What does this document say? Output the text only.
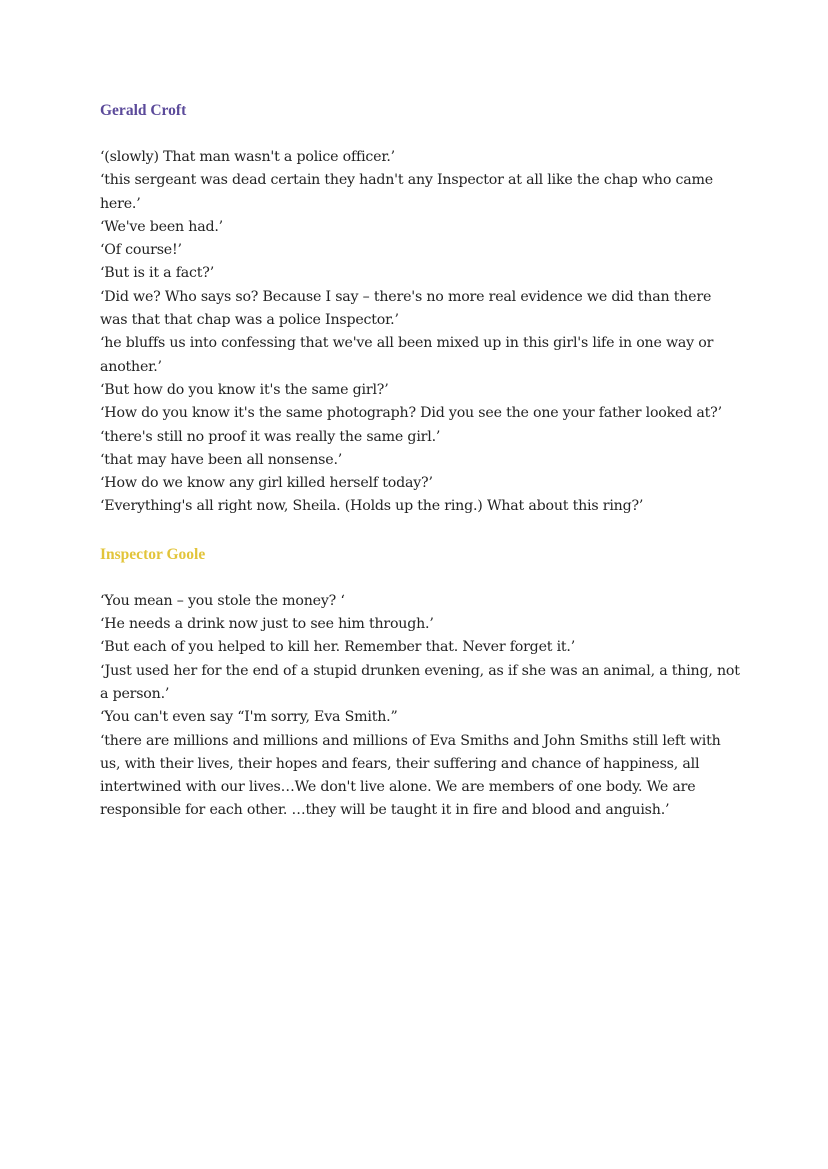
Gerald Croft
‘(slowly) That man wasn't a police officer.’
‘this sergeant was dead certain they hadn't any Inspector at all like the chap who came here.’
‘We've been had.’
‘Of course!’
‘But is it a fact?’
‘Did we? Who says so? Because I say – there's no more real evidence we did than there was that that chap was a police Inspector.’
‘he bluffs us into confessing that we've all been mixed up in this girl's life in one way or another.’
‘But how do you know it's the same girl?’
‘How do you know it's the same photograph? Did you see the one your father looked at?’
‘there's still no proof it was really the same girl.’
‘that may have been all nonsense.’
‘How do we know any girl killed herself today?’
‘Everything's all right now, Sheila. (Holds up the ring.) What about this ring?’
Inspector Goole
‘You mean – you stole the money? ‘
‘He needs a drink now just to see him through.’
‘But each of you helped to kill her. Remember that. Never forget it.’
‘Just used her for the end of a stupid drunken evening, as if she was an animal, a thing, not a person.’
‘You can't even say “I'm sorry, Eva Smith.”
‘there are millions and millions and millions of Eva Smiths and John Smiths still left with us, with their lives, their hopes and fears, their suffering and chance of happiness, all intertwined with our lives…We don't live alone. We are members of one body. We are responsible for each other. …they will be taught it in fire and blood and anguish.’
